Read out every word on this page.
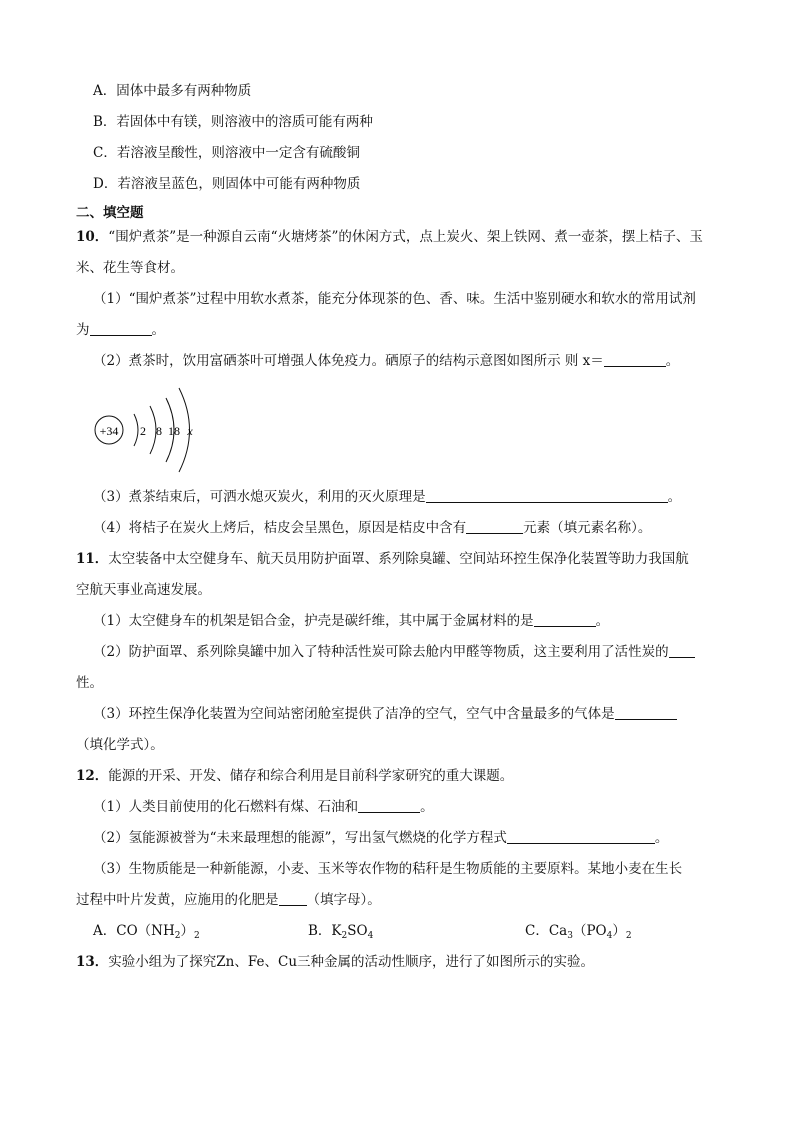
A．固体中最多有两种物质
B．若固体中有镁，则溶液中的溶质可能有两种
C．若溶液呈酸性，则溶液中一定含有硫酸铜
D．若溶液呈蓝色，则固体中可能有两种物质
二、填空题
10．“围炉煮茶”是一种源自云南“火塘烤茶”的休闲方式，点上炭火、架上铁网、煮一壶茶，摆上桔子、玉
米、花生等食材。
（1）“围炉煮茶”过程中用软水煮茶，能充分体现茶的色、香、味。生活中鉴别硬水和软水的常用试剂
为	。
（2）煮茶时，饮用富硒茶叶可增强人体免疫力。硒原子的结构示意图如图所示 则 x＝	。
+34 2 8 18 x
（3）煮茶结束后，可洒水熄灭炭火，利用的灭火原理是	。
（4）将桔子在炭火上烤后，桔皮会呈黑色，原因是桔皮中含有	元素（填元素名称）。
11．太空装备中太空健身车、航天员用防护面罩、系列除臭罐、空间站环控生保净化装置等助力我国航
空航天事业高速发展。
（1）太空健身车的机架是铝合金，护壳是碳纤维，其中属于金属材料的是	。
（2）防护面罩、系列除臭罐中加入了特种活性炭可除去舱内甲醛等物质，这主要利用了活性炭的
性。
（3）环控生保净化装置为空间站密闭舱室提供了洁净的空气，空气中含量最多的气体是
（填化学式）。
12．能源的开采、开发、储存和综合利用是目前科学家研究的重大课题。
（1）人类目前使用的化石燃料有煤、石油和	。
（2）氢能源被誉为“未来最理想的能源”，写出氢气燃烧的化学方程式	。
（3）生物质能是一种新能源，小麦、玉米等农作物的秸秆是生物质能的主要原料。某地小麦在生长
过程中叶片发黄，应施用的化肥是 （填字母）。
A．$CO(NH_2)_2$	B．$K_2SO_4$	C．$Ca_3(PO_4)_2$
13．实验小组为了探究Zn、Fe、Cu三种金属的活动性顺序，进行了如图所示的实验。
